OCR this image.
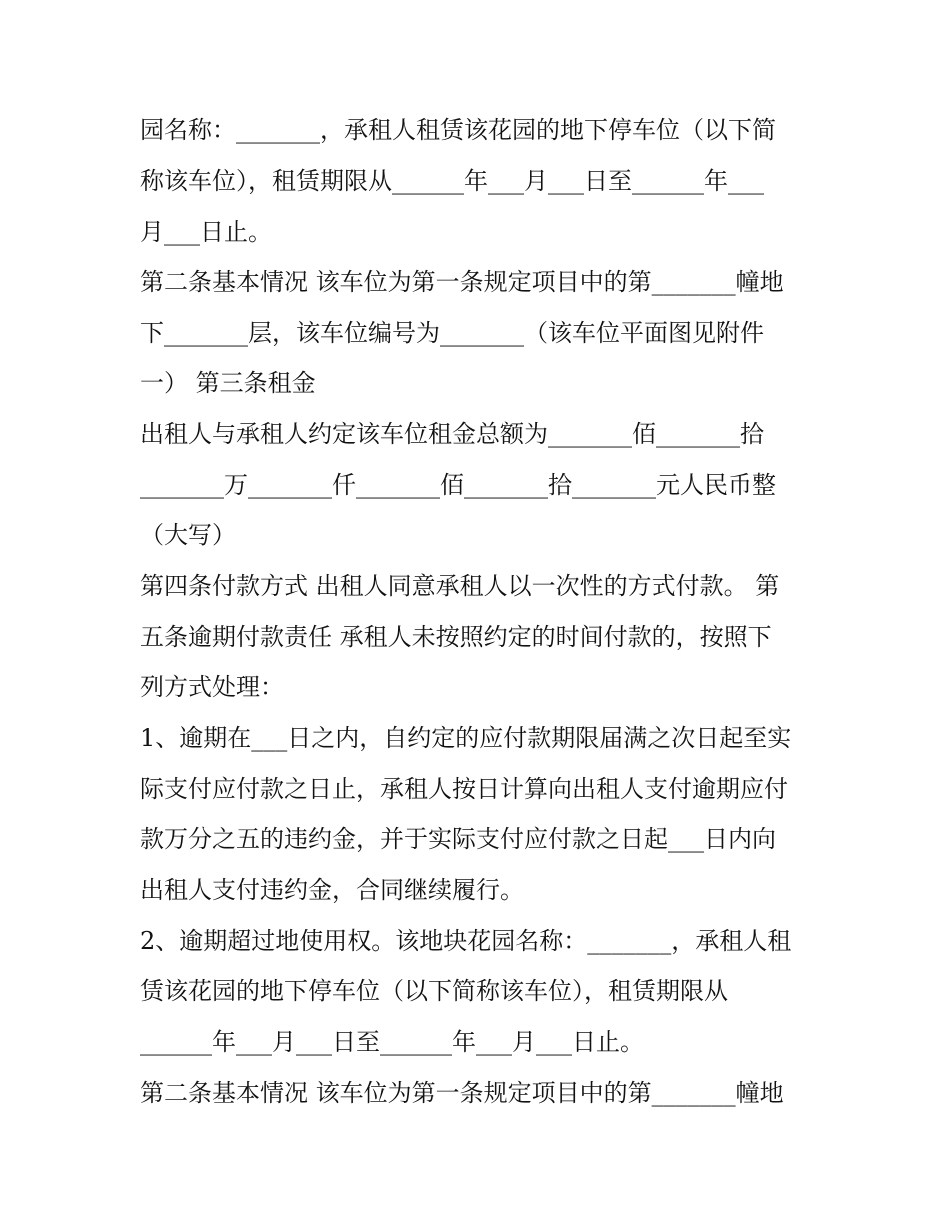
园名称：_______，承租人租赁该花园的地下停车位（以下简
称该车位），租赁期限从______年___月___日至______年___
月___日止。
第二条基本情况 该车位为第一条规定项目中的第_______幢地
下_______层，该车位编号为_______（该车位平面图见附件
一） 第三条租金
出租人与承租人约定该车位租金总额为_______佰_______拾
_______万_______仟_______佰_______拾_______元人民币整
（大写）
第四条付款方式 出租人同意承租人以一次性的方式付款。 第
五条逾期付款责任 承租人未按照约定的时间付款的，按照下
列方式处理：
1、逾期在___日之内，自约定的应付款期限届满之次日起至实
际支付应付款之日止，承租人按日计算向出租人支付逾期应付
款万分之五的违约金，并于实际支付应付款之日起___日内向
出租人支付违约金，合同继续履行。
2、逾期超过地使用权。该地块花园名称：_______，承租人租
赁该花园的地下停车位（以下简称该车位），租赁期限从
______年___月___日至______年___月___日止。
第二条基本情况 该车位为第一条规定项目中的第_______幢地
